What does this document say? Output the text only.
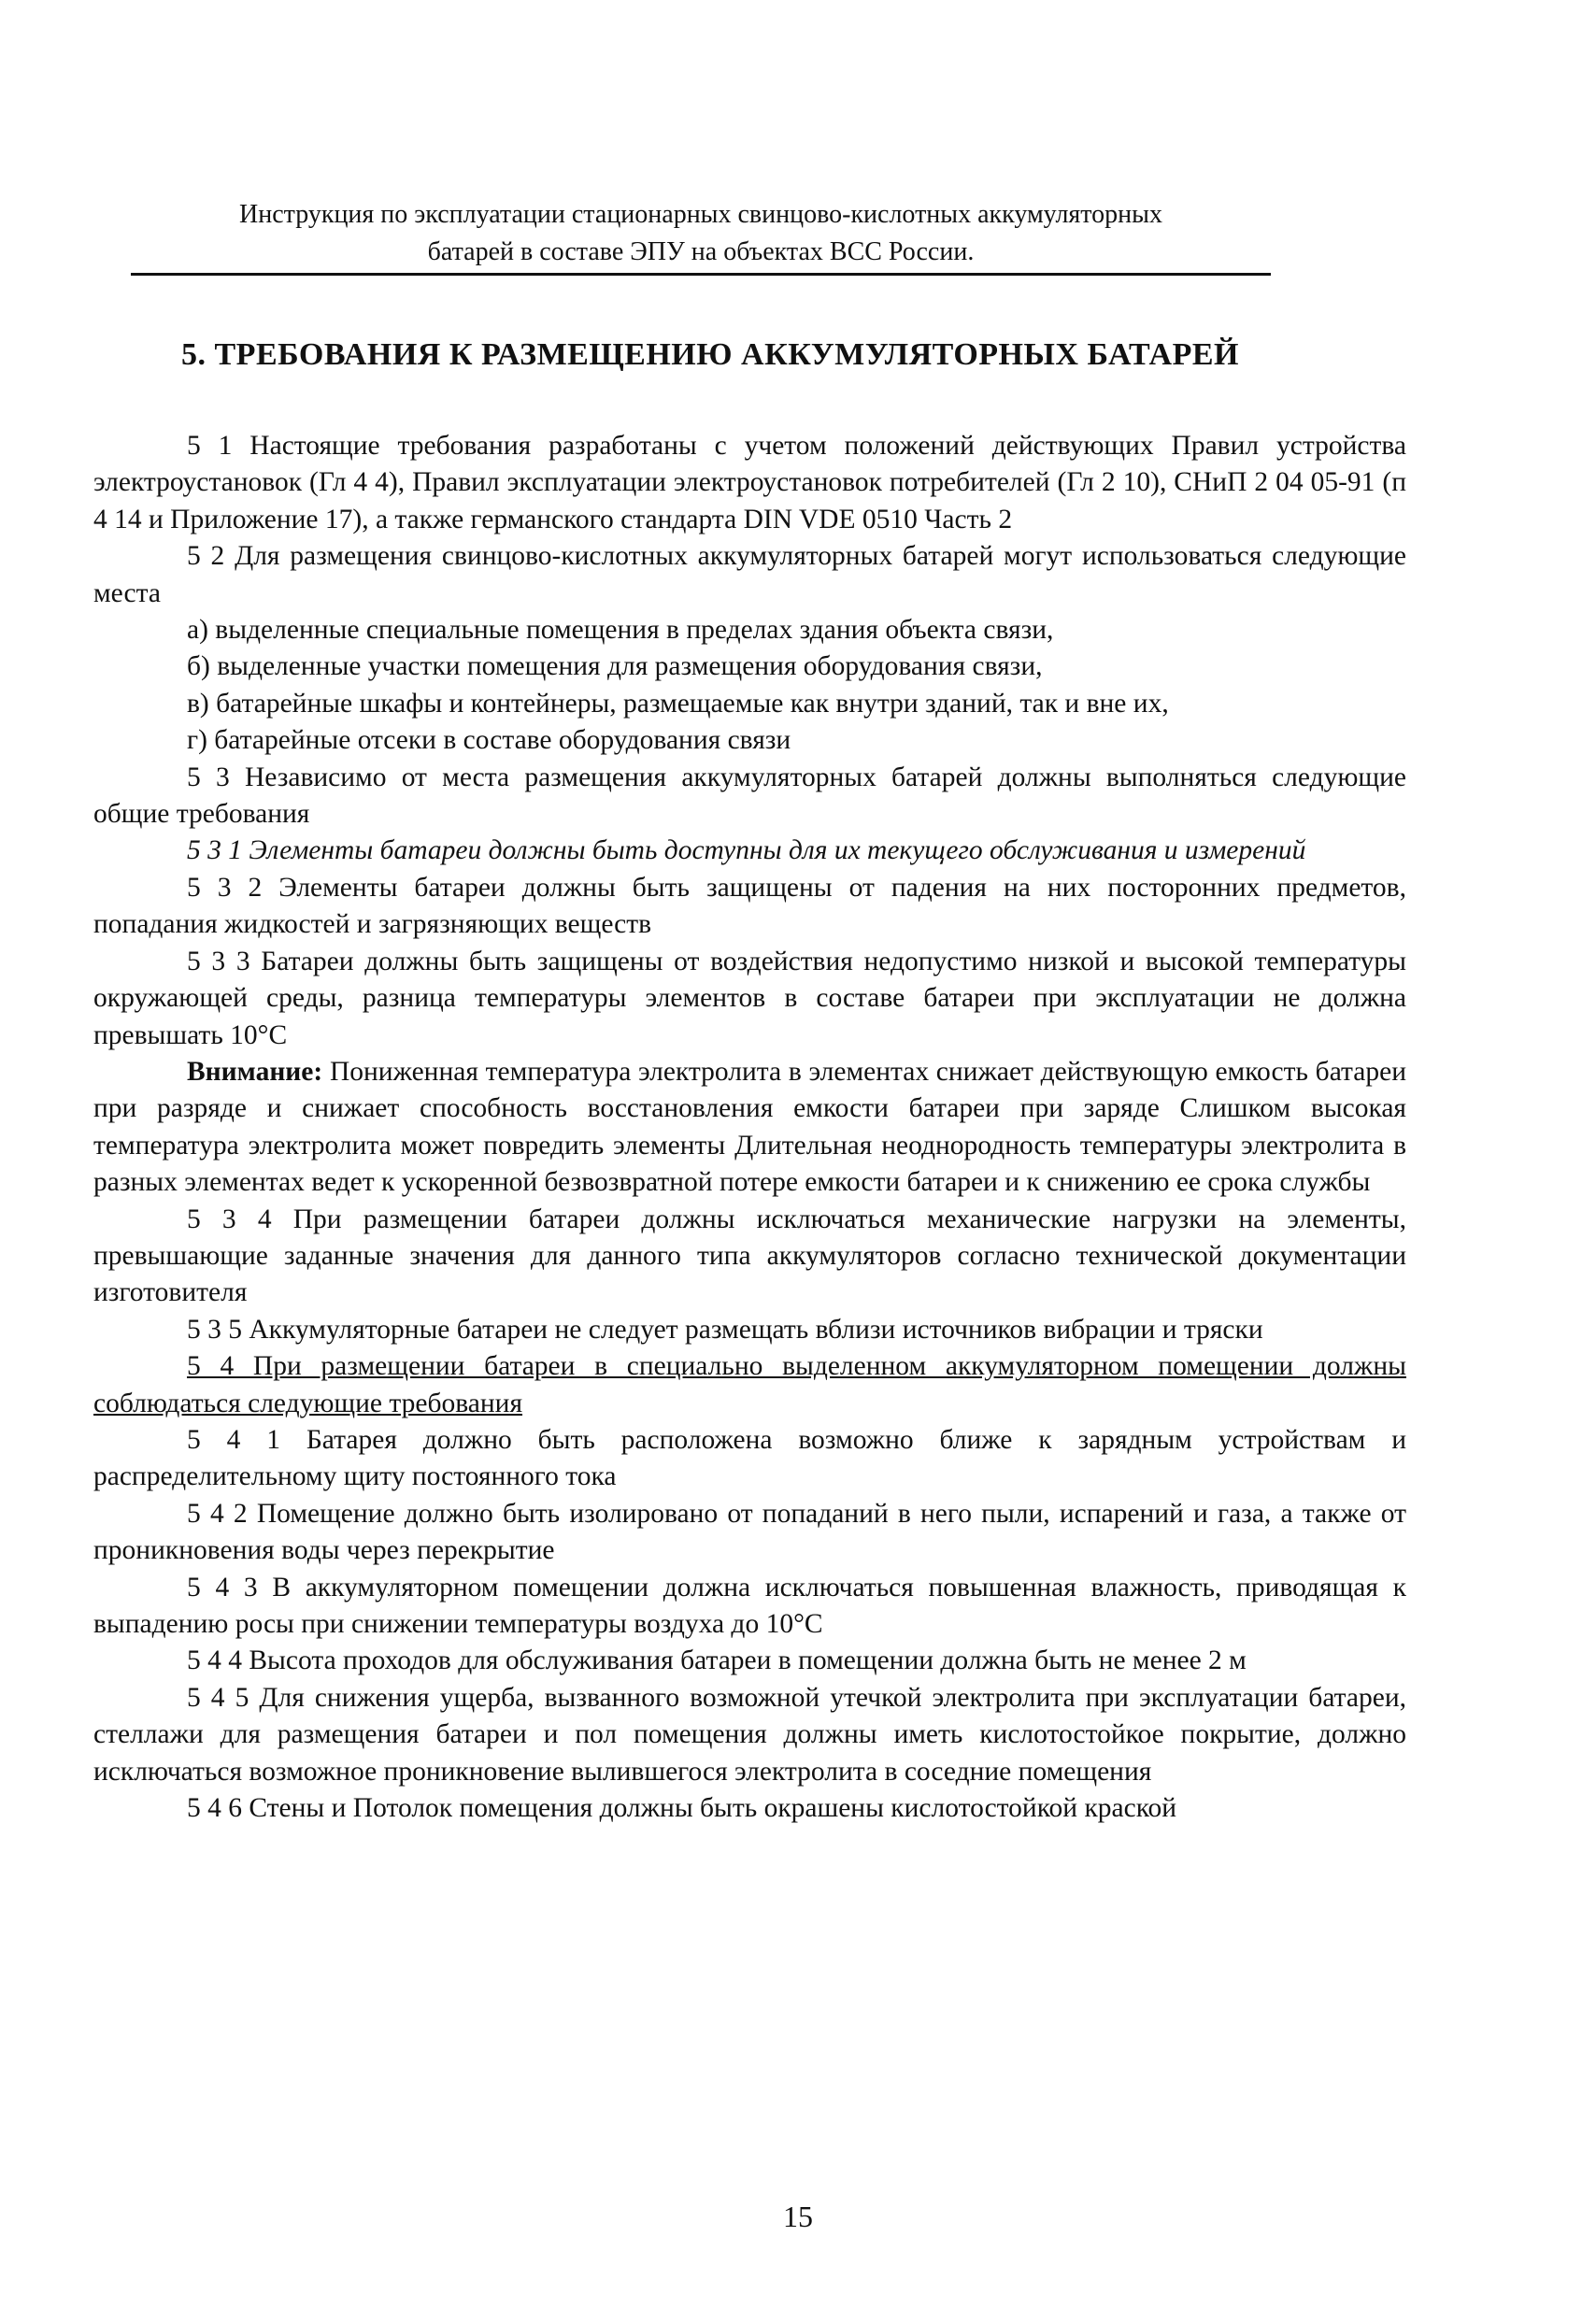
Инструкция по эксплуатации стационарных свинцово-кислотных аккумуляторных
батарей в составе ЭПУ на объектах ВСС России.
5. ТРЕБОВАНИЯ К РАЗМЕЩЕНИЮ АККУМУЛЯТОРНЫХ БАТАРЕЙ

5 1 Настоящие требования разработаны с учетом положений действующих Правил устройства электроустановок (Гл 4 4), Правил эксплуатации электроустановок потребителей (Гл 2 10), СНиП 2 04 05-91 (п 4 14 и Приложение 17), а также германского стандарта DIN VDE 0510 Часть 2

5 2 Для размещения свинцово-кислотных аккумуляторных батарей могут использоваться следующие места

а) выделенные специальные помещения в пределах здания объекта связи,

б) выделенные участки помещения для размещения оборудования связи,

в) батарейные шкафы и контейнеры, размещаемые как внутри зданий, так и вне их,

г) батарейные отсеки в составе оборудования связи

5 3 Независимо от места размещения аккумуляторных батарей должны выполняться следующие общие требования

5 3 1 Элементы батареи должны быть доступны для их текущего обслуживания и измерений

5 3 2 Элементы батареи должны быть защищены от падения на них посторонних предметов, попадания жидкостей и загрязняющих веществ

5 3 3 Батареи должны быть защищены от воздействия недопустимо низкой и высокой температуры окружающей среды, разница температуры элементов в составе батареи при эксплуатации не должна превышать 10°С

Внимание: Пониженная температура электролита в элементах снижает действующую емкость батареи при разряде и снижает способность восстановления емкости батареи при заряде Слишком высокая температура электролита может повредить элементы Длительная неоднородность температуры электролита в разных элементах ведет к ускоренной безвозвратной потере емкости батареи и к снижению ее срока службы

5 3 4 При размещении батареи должны исключаться механические нагрузки на элементы, превышающие заданные значения для данного типа аккумуляторов согласно технической документации изготовителя

5 3 5 Аккумуляторные батареи не следует размещать вблизи источников вибрации и тряски

5 4 При размещении батареи в специально выделенном аккумуляторном помещении должны соблюдаться следующие требования

5 4 1 Батарея должно быть расположена возможно ближе к зарядным устройствам и распределительному щиту постоянного тока

5 4 2 Помещение должно быть изолировано от попаданий в него пыли, испарений и газа, а также от проникновения воды через перекрытие

5 4 3 В аккумуляторном помещении должна исключаться повышенная влажность, приводящая к выпадению росы при снижении температуры воздуха до 10°С

5 4 4 Высота проходов для обслуживания батареи в помещении должна быть не менее 2 м

5 4 5 Для снижения ущерба, вызванного возможной утечкой электролита при эксплуатации батареи, стеллажи для размещения батареи и пол помещения должны иметь кислотостойкое покрытие, должно исключаться возможное проникновение вылившегося электролита в соседние помещения

5 4 6 Стены и Потолок помещения должны быть окрашены кислотостойкой краской

15
